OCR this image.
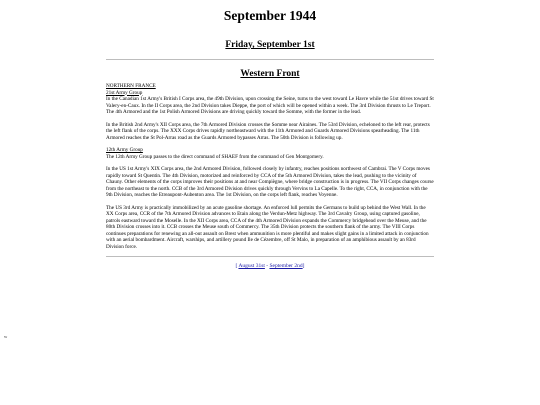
September 1944
Friday, September 1st
Western Front

NORTHERN FRANCE
21st Army Group
In the Canadian 1st Army's British I Corps area, the 49th Division, upon crossing the Seine, turns to the west toward Le Havre while the 51st drives toward St Valery-en-Caux. In the II Corps area, the 2nd Division takes Dieppe, the port of which will be opened within a week. The 3rd Division thrusts to Le Treport. The 4th Armored and the 1st Polish Armored Divisions are driving quickly toward the Somme, with the former in the lead.

In the British 2nd Army's XII Corps area, the 7th Armored Division crosses the Somme near Airaines. The 53rd Division, echeloned to the left rear, protects the left flank of the corps. The XXX Corps drives rapidly northeastward with the 11th Armored and Guards Armored Divisions spearheading. The 11th Armored reaches the St Pol-Arras road as the Guards Armored bypasses Arras. The 50th Division is following up.

12th Army Group
The 12th Army Group passes to the direct command of SHAEF from the command of Gen Montgomery.

In the US 1st Army's XIX Corps area, the 2nd Armored Division, followed closely by infantry, reaches positions northwest of Cambrai. The V Corps moves rapidly toward St Quentin. The 4th Division, motorized and reinforced by CCA of the 5th Armored Division, takes the lead, pushing to the vicinity of Chauny. Other elements of the corps improves their positions at and near Compiègne, where bridge construction is in progress. The VII Corps changes course from the northeast to the north. CCB of the 3rd Armored Division drives quickly through Vervins to La Capelle. To the right, CCA, in conjunction with the 9th Division, reaches the Etreaupont-Aubenton area. The 1st Division, on the corps left flank, reaches Voyenne.

The US 3rd Army is practically immobilized by an acute gasoline shortage. An enforced lull permits the Germans to build up behind the West Wall. In the XX Corps area, CCR of the 7th Armored Division advances to Etain along the Verdun-Metz highway. The 3rd Cavalry Group, using captured gasoline, patrols eastward toward the Moselle. In the XII Corps area, CCA of the 4th Armored Division expands the Commercy bridgehead over the Meuse, and the 80th Division crosses into it. CCB crosses the Meuse south of Commercy. The 35th Division protects the southern flank of the army. The VIII Corps continues preparations for renewing an all-out assault on Brest when ammunition is more plentiful and makes slight gains in a limited attack in conjunction with an aerial bombardment. Aircraft, warships, and artillery pound Ile de Cézembre, off St Malo, in preparation of an amphibious assault by an 83rd Division force.

[ August 31st - September 2nd]
w
